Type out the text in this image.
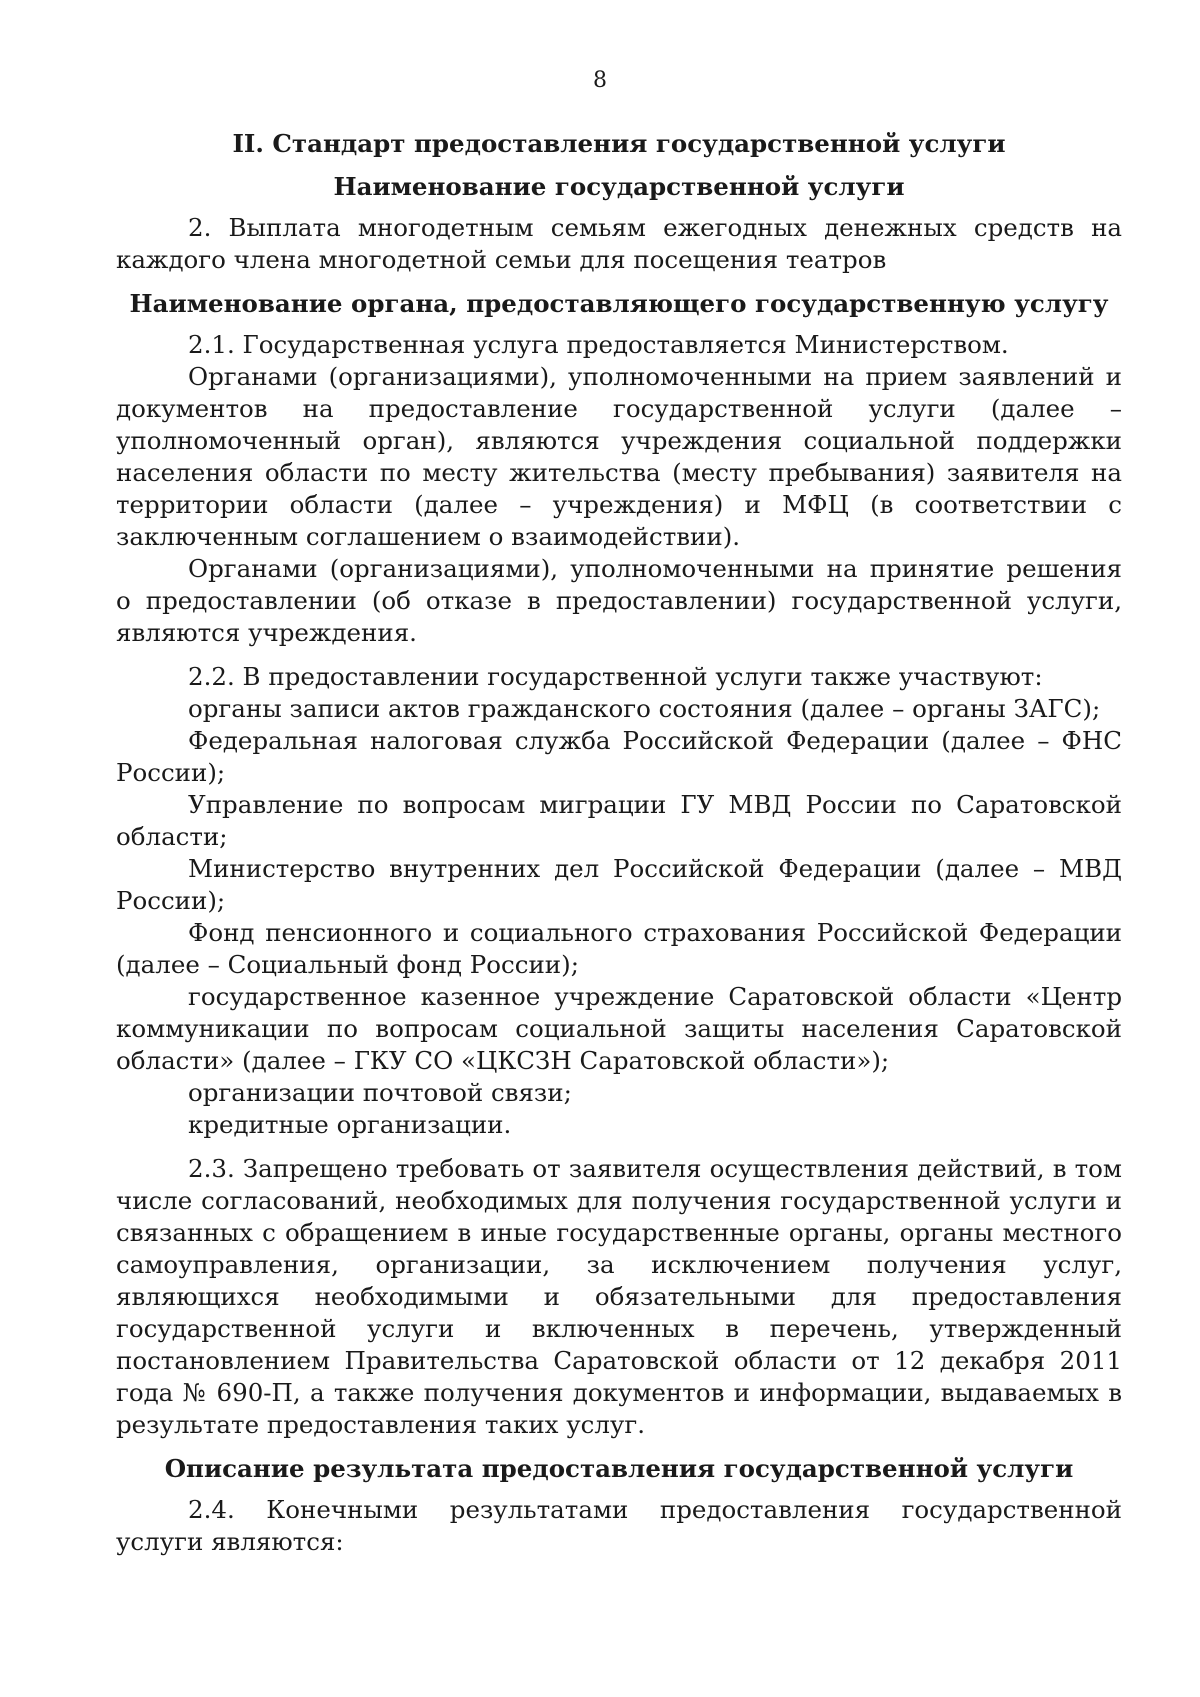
8
II. Стандарт предоставления государственной услуги
Наименование государственной услуги

2. Выплата многодетным семьям ежегодных денежных средств на каждого члена многодетной семьи для посещения театров

Наименование органа, предоставляющего государственную услугу

2.1. Государственная услуга предоставляется Министерством.

Органами (организациями), уполномоченными на прием заявлений и документов на предоставление государственной услуги (далее – уполномоченный орган), являются учреждения социальной поддержки населения области по месту жительства (месту пребывания) заявителя на территории области (далее – учреждения) и МФЦ (в соответствии с заключенным соглашением о взаимодействии).

Органами (организациями), уполномоченными на принятие решения о предоставлении (об отказе в предоставлении) государственной услуги, являются учреждения.

2.2. В предоставлении государственной услуги также участвуют:

органы записи актов гражданского состояния (далее – органы ЗАГС);

Федеральная налоговая служба Российской Федерации (далее – ФНС России);

Управление по вопросам миграции ГУ МВД России по Саратовской области;

Министерство внутренних дел Российской Федерации (далее – МВД России);

Фонд пенсионного и социального страхования Российской Федерации (далее – Социальный фонд России);

государственное казенное учреждение Саратовской области «Центр коммуникации по вопросам социальной защиты населения Саратовской области» (далее – ГКУ СО «ЦКСЗН Саратовской области»);

организации почтовой связи;

кредитные организации.

2.3. Запрещено требовать от заявителя осуществления действий, в том числе согласований, необходимых для получения государственной услуги и связанных с обращением в иные государственные органы, органы местного самоуправления, организации, за исключением получения услуг, являющихся необходимыми и обязательными для предоставления государственной услуги и включенных в перечень, утвержденный постановлением Правительства Саратовской области от 12 декабря 2011 года № 690-П, а также получения документов и информации, выдаваемых в результате предоставления таких услуг.

Описание результата предоставления государственной услуги

2.4. Конечными результатами предоставления государственной услуги являются:
